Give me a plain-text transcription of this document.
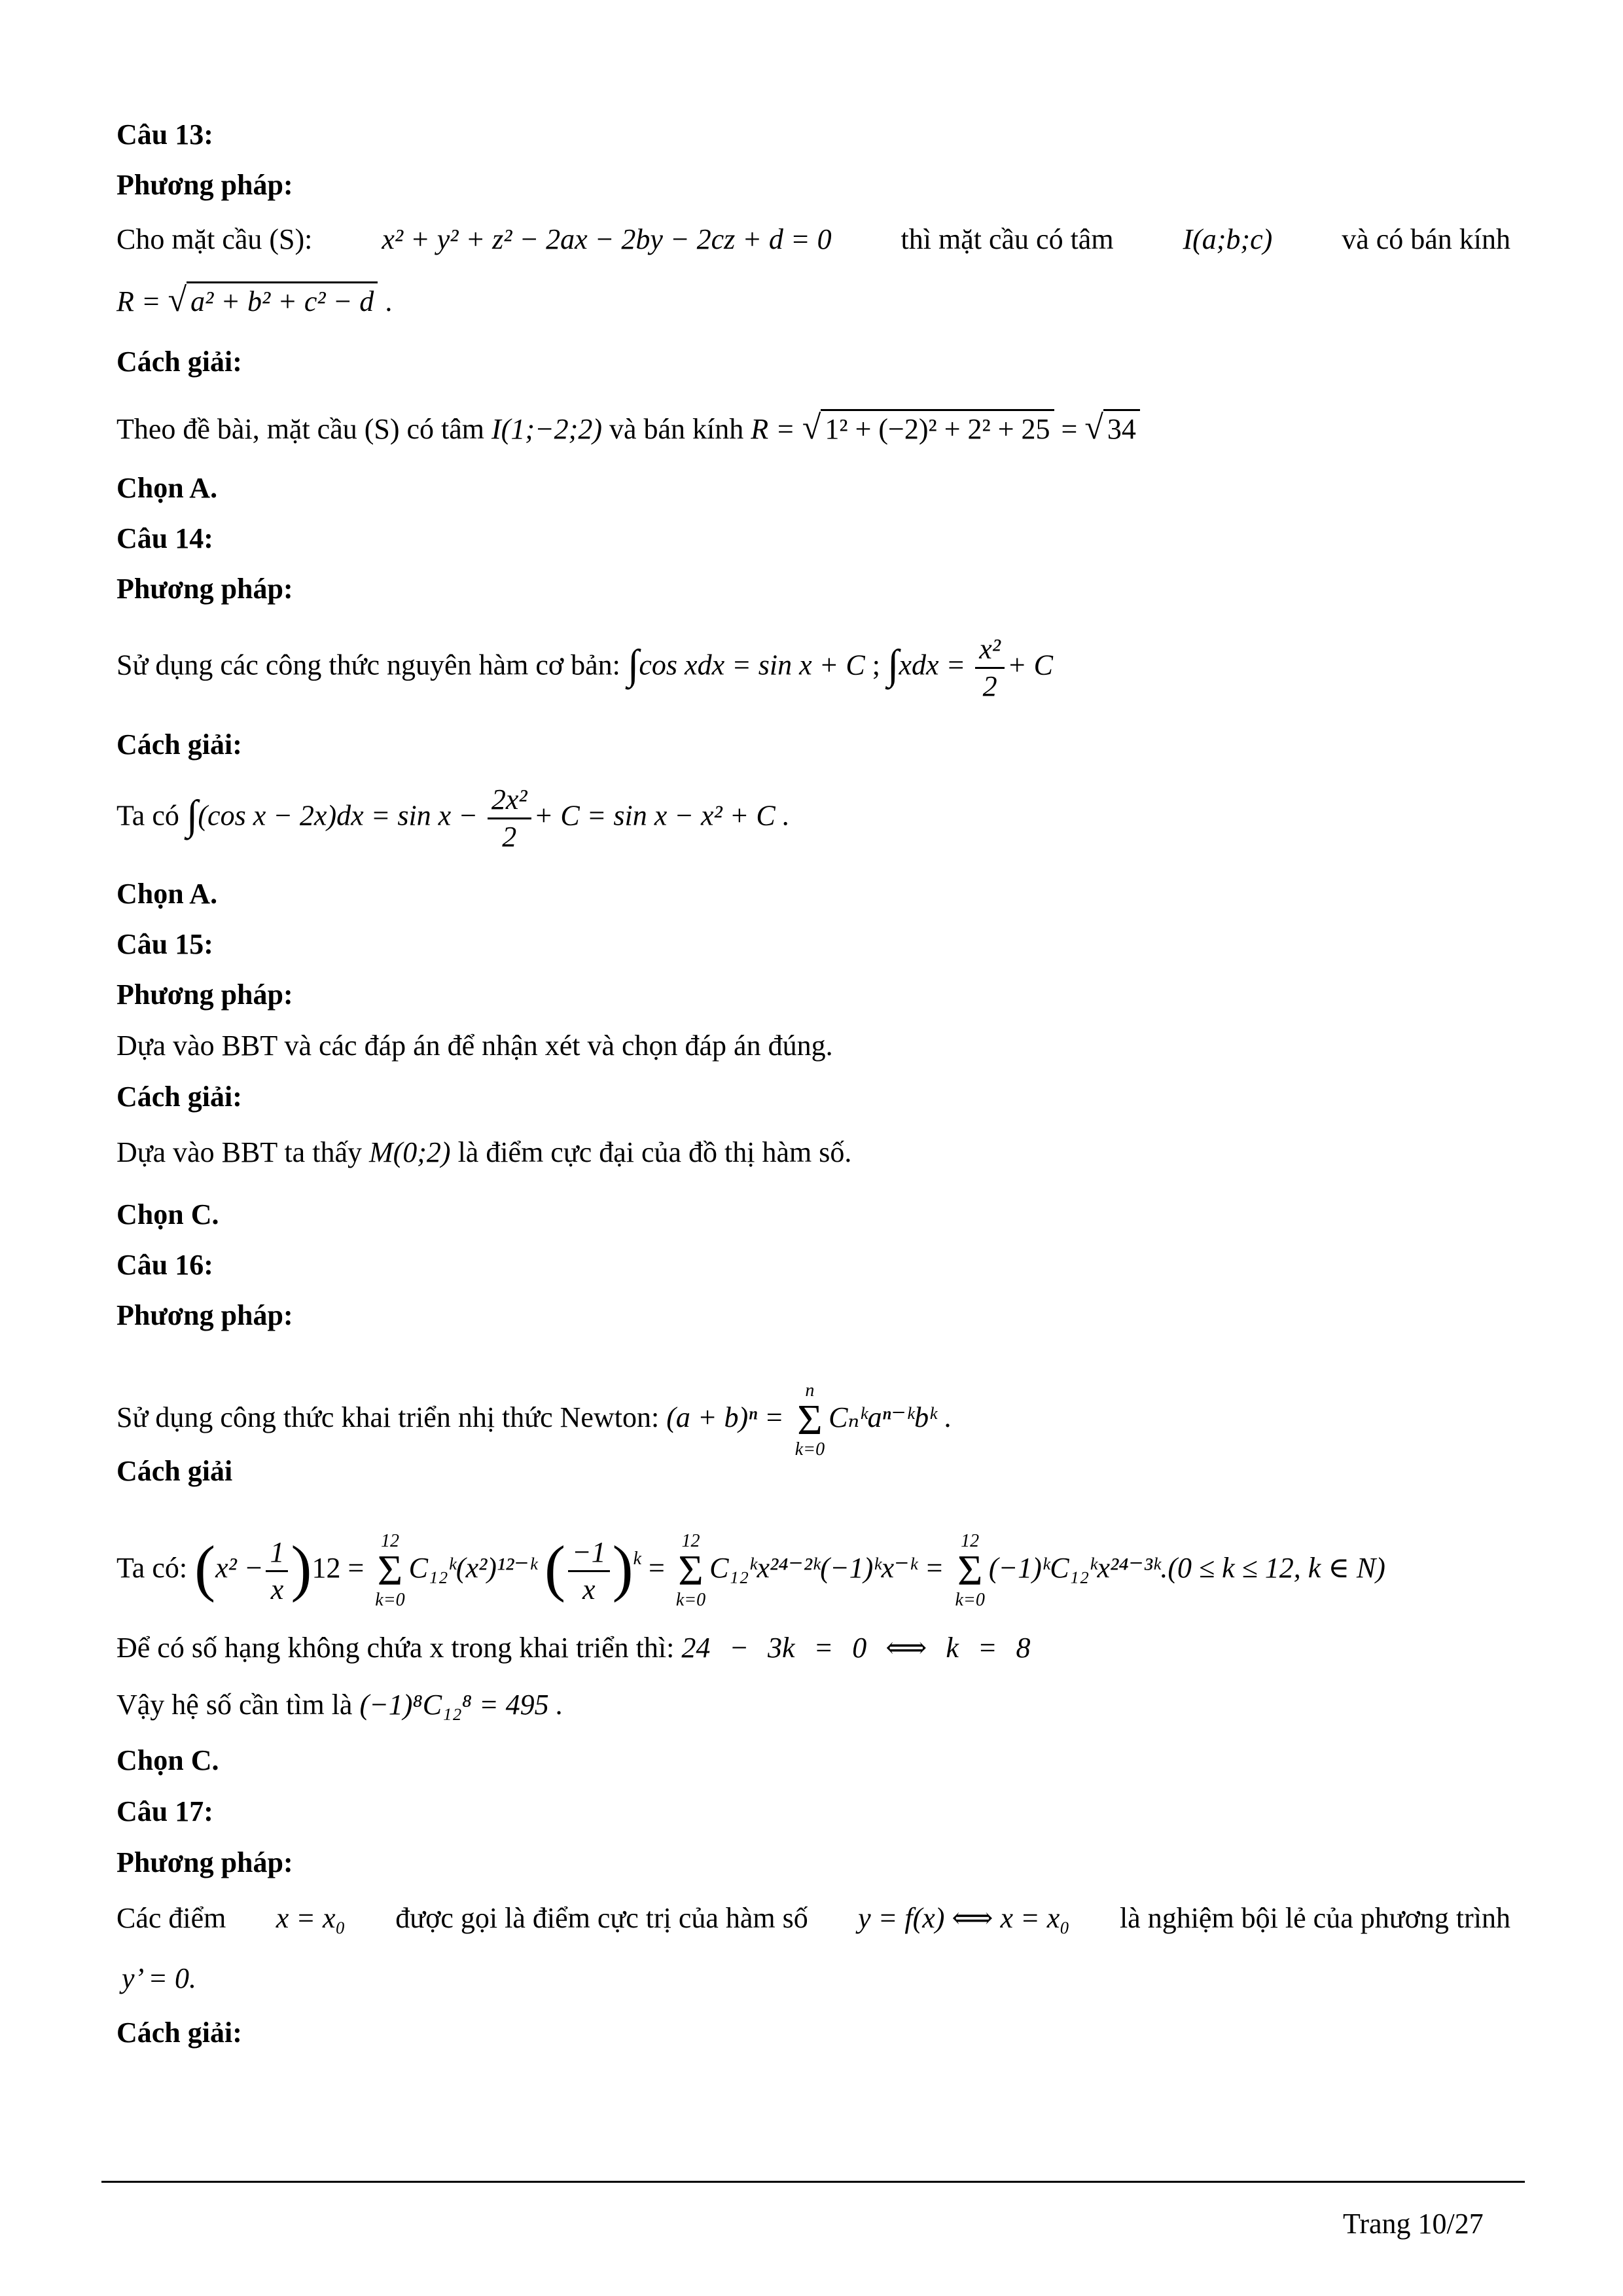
Câu 13:
Phương pháp:
Cho mặt cầu (S): x² + y² + z² − 2ax − 2by − 2cz + d = 0 thì mặt cầu có tâm I(a;b;c) và có bán kính
R = √ a² + b² + c² − d .
Cách giải:
Theo đề bài, mặt cầu (S) có tâm I(1;−2;2) và bán kính R = √ 1² + (−2)² + 2² + 25 = √ 34
Chọn A.
Câu 14:
Phương pháp:
Sử dụng các công thức nguyên hàm cơ bản: ∫cos xdx = sin x + C ; $\int xdx = \frac{\text{x²}}{2} + C$
Cách giải:
Ta có ∫(cos $x - 2x)dx = \sin x - \frac{\text{2x²}}{2} + C = \sin x - x^2 + C$ .
Chọn A.
Câu 15:
Phương pháp:
Dựa vào BBT và các đáp án để nhận xét và chọn đáp án đúng.
Cách giải:
Dựa vào BBT ta thấy M(0;2) là điểm cực đại của đồ thị hàm số.
Chọn C.
Câu 16:
Phương pháp:
Sử dụng công thức khai triển nhị thức Newton: (a + b)ⁿ =
n
Σ
k=0
Cₙᵏaⁿ⁻ᵏbᵏ .
Cách giải
Ta có: $(x^2 - \frac{1}{x} )12$ =
12
Σ
k=0
C₁₂ᵏ(x²)¹²⁻ᵏ ( $\frac{-1}{x} )^k$ =
12
Σ
k=0
C₁₂ᵏx²⁴⁻²ᵏ(−1)ᵏx⁻ᵏ =
12
Σ
k=0
(−1)ᵏC₁₂ᵏx²⁴⁻³ᵏ.(0 ≤ k ≤ 12, k ∈ N)
Để có số hạng không chứa x trong khai triển thì: 24 − 3k = 0 ⟺ k = 8
Vậy hệ số cần tìm là (−1)⁸C₁₂⁸ = 495 .
Chọn C.
Câu 17:
Phương pháp:
Các điểm x = x₀ được gọi là điểm cực trị của hàm số y = f(x) ⟺ x = x₀ là nghiệm bội lẻ của phương trình
y’ = 0.
Cách giải:
Trang 10/27
